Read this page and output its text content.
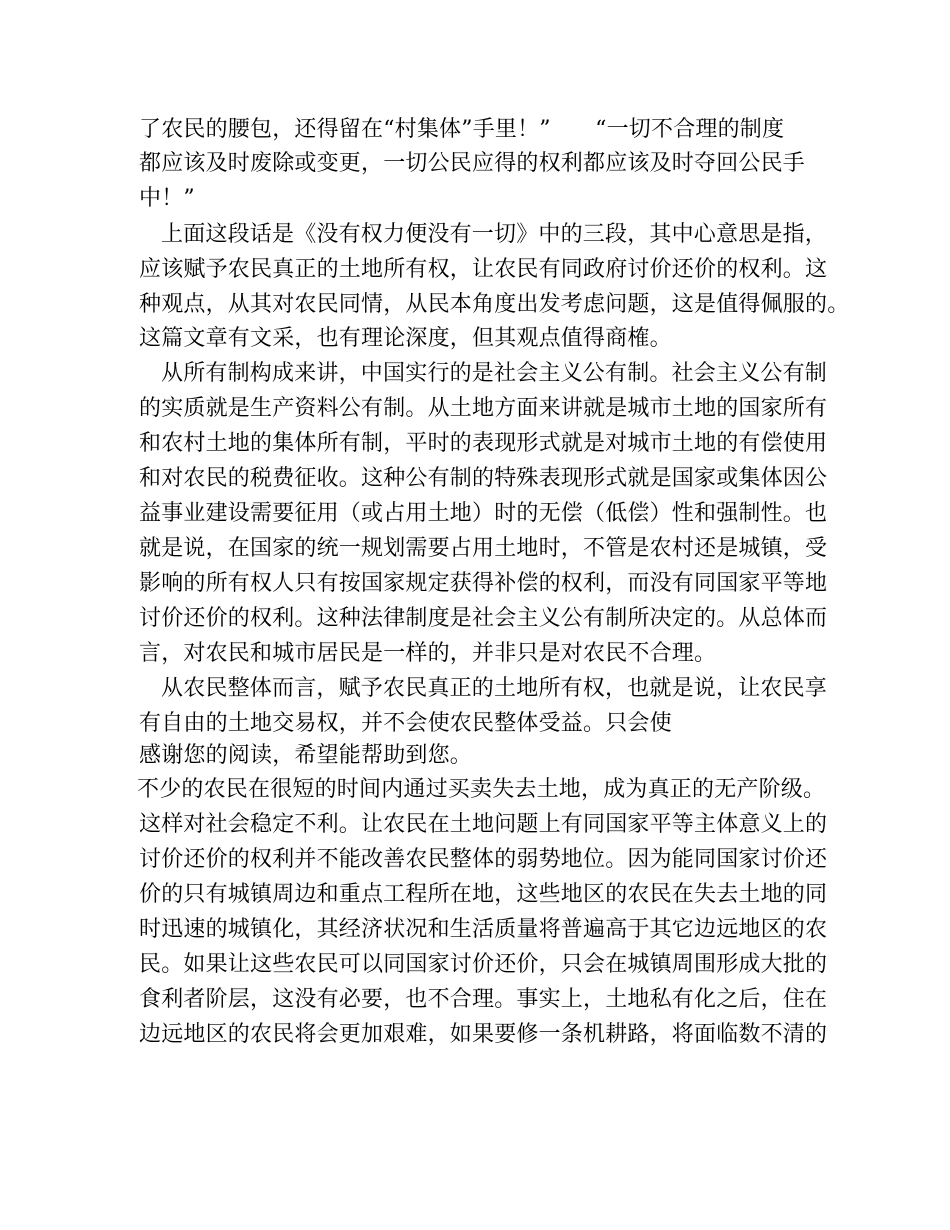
了农民的腰包，还得留在“村集体”手里！”　　“一切不合理的制度
都应该及时废除或变更，一切公民应得的权利都应该及时夺回公民手
中！”
上面这段话是《没有权力便没有一切》中的三段，其中心意思是指，
应该赋予农民真正的土地所有权，让农民有同政府讨价还价的权利。这
种观点，从其对农民同情，从民本角度出发考虑问题，这是值得佩服的。
这篇文章有文采，也有理论深度，但其观点值得商榷。
从所有制构成来讲，中国实行的是社会主义公有制。社会主义公有制
的实质就是生产资料公有制。从土地方面来讲就是城市土地的国家所有
和农村土地的集体所有制，平时的表现形式就是对城市土地的有偿使用
和对农民的税费征收。这种公有制的特殊表现形式就是国家或集体因公
益事业建设需要征用（或占用土地）时的无偿（低偿）性和强制性。也
就是说，在国家的统一规划需要占用土地时，不管是农村还是城镇，受
影响的所有权人只有按国家规定获得补偿的权利，而没有同国家平等地
讨价还价的权利。这种法律制度是社会主义公有制所决定的。从总体而
言，对农民和城市居民是一样的，并非只是对农民不合理。
从农民整体而言，赋予农民真正的土地所有权，也就是说，让农民享
有自由的土地交易权，并不会使农民整体受益。只会使
感谢您的阅读，希望能帮助到您。
不少的农民在很短的时间内通过买卖失去土地，成为真正的无产阶级。
这样对社会稳定不利。让农民在土地问题上有同国家平等主体意义上的
讨价还价的权利并不能改善农民整体的弱势地位。因为能同国家讨价还
价的只有城镇周边和重点工程所在地，这些地区的农民在失去土地的同
时迅速的城镇化，其经济状况和生活质量将普遍高于其它边远地区的农
民。如果让这些农民可以同国家讨价还价，只会在城镇周围形成大批的
食利者阶层，这没有必要，也不合理。事实上，土地私有化之后，住在
边远地区的农民将会更加艰难，如果要修一条机耕路，将面临数不清的
